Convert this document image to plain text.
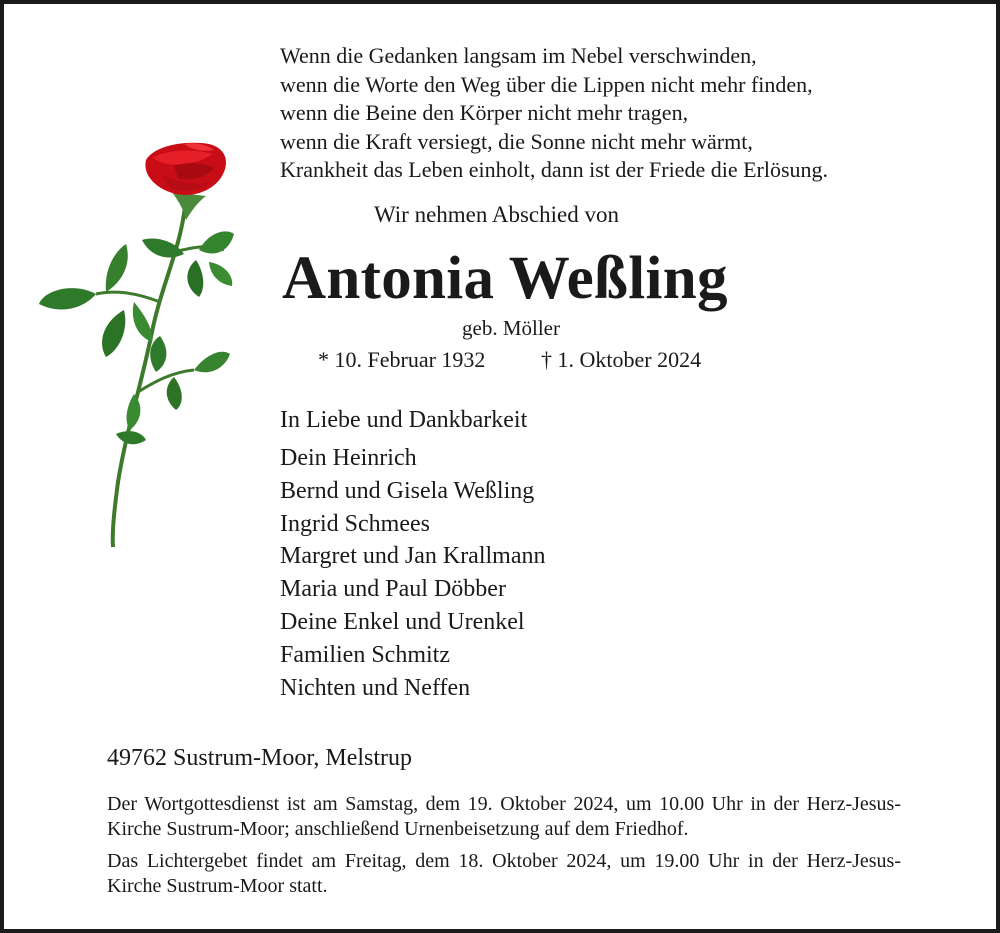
Wenn die Gedanken langsam im Nebel verschwinden,
wenn die Worte den Weg über die Lippen nicht mehr finden,
wenn die Beine den Körper nicht mehr tragen,
wenn die Kraft versiegt, die Sonne nicht mehr wärmt,
Krankheit das Leben einholt, dann ist der Friede die Erlösung.
Wir nehmen Abschied von
Antonia Weßling
geb. Möller
* 10. Februar 1932	† 1. Oktober 2024
In Liebe und Dankbarkeit
Dein Heinrich
Bernd und Gisela Weßling
Ingrid Schmees
Margret und Jan Krallmann
Maria und Paul Döbber
Deine Enkel und Urenkel
Familien Schmitz
Nichten und Neffen
49762 Sustrum-Moor, Melstrup
Der Wortgottesdienst ist am Samstag, dem 19. Oktober 2024, um 10.00 Uhr in der Herz-Jesus-Kirche Sustrum-Moor; anschließend Urnenbeisetzung auf dem Friedhof.
Das Lichtergebet findet am Freitag, dem 18. Oktober 2024, um 19.00 Uhr in der Herz-Jesus-Kirche Sustrum-Moor statt.
